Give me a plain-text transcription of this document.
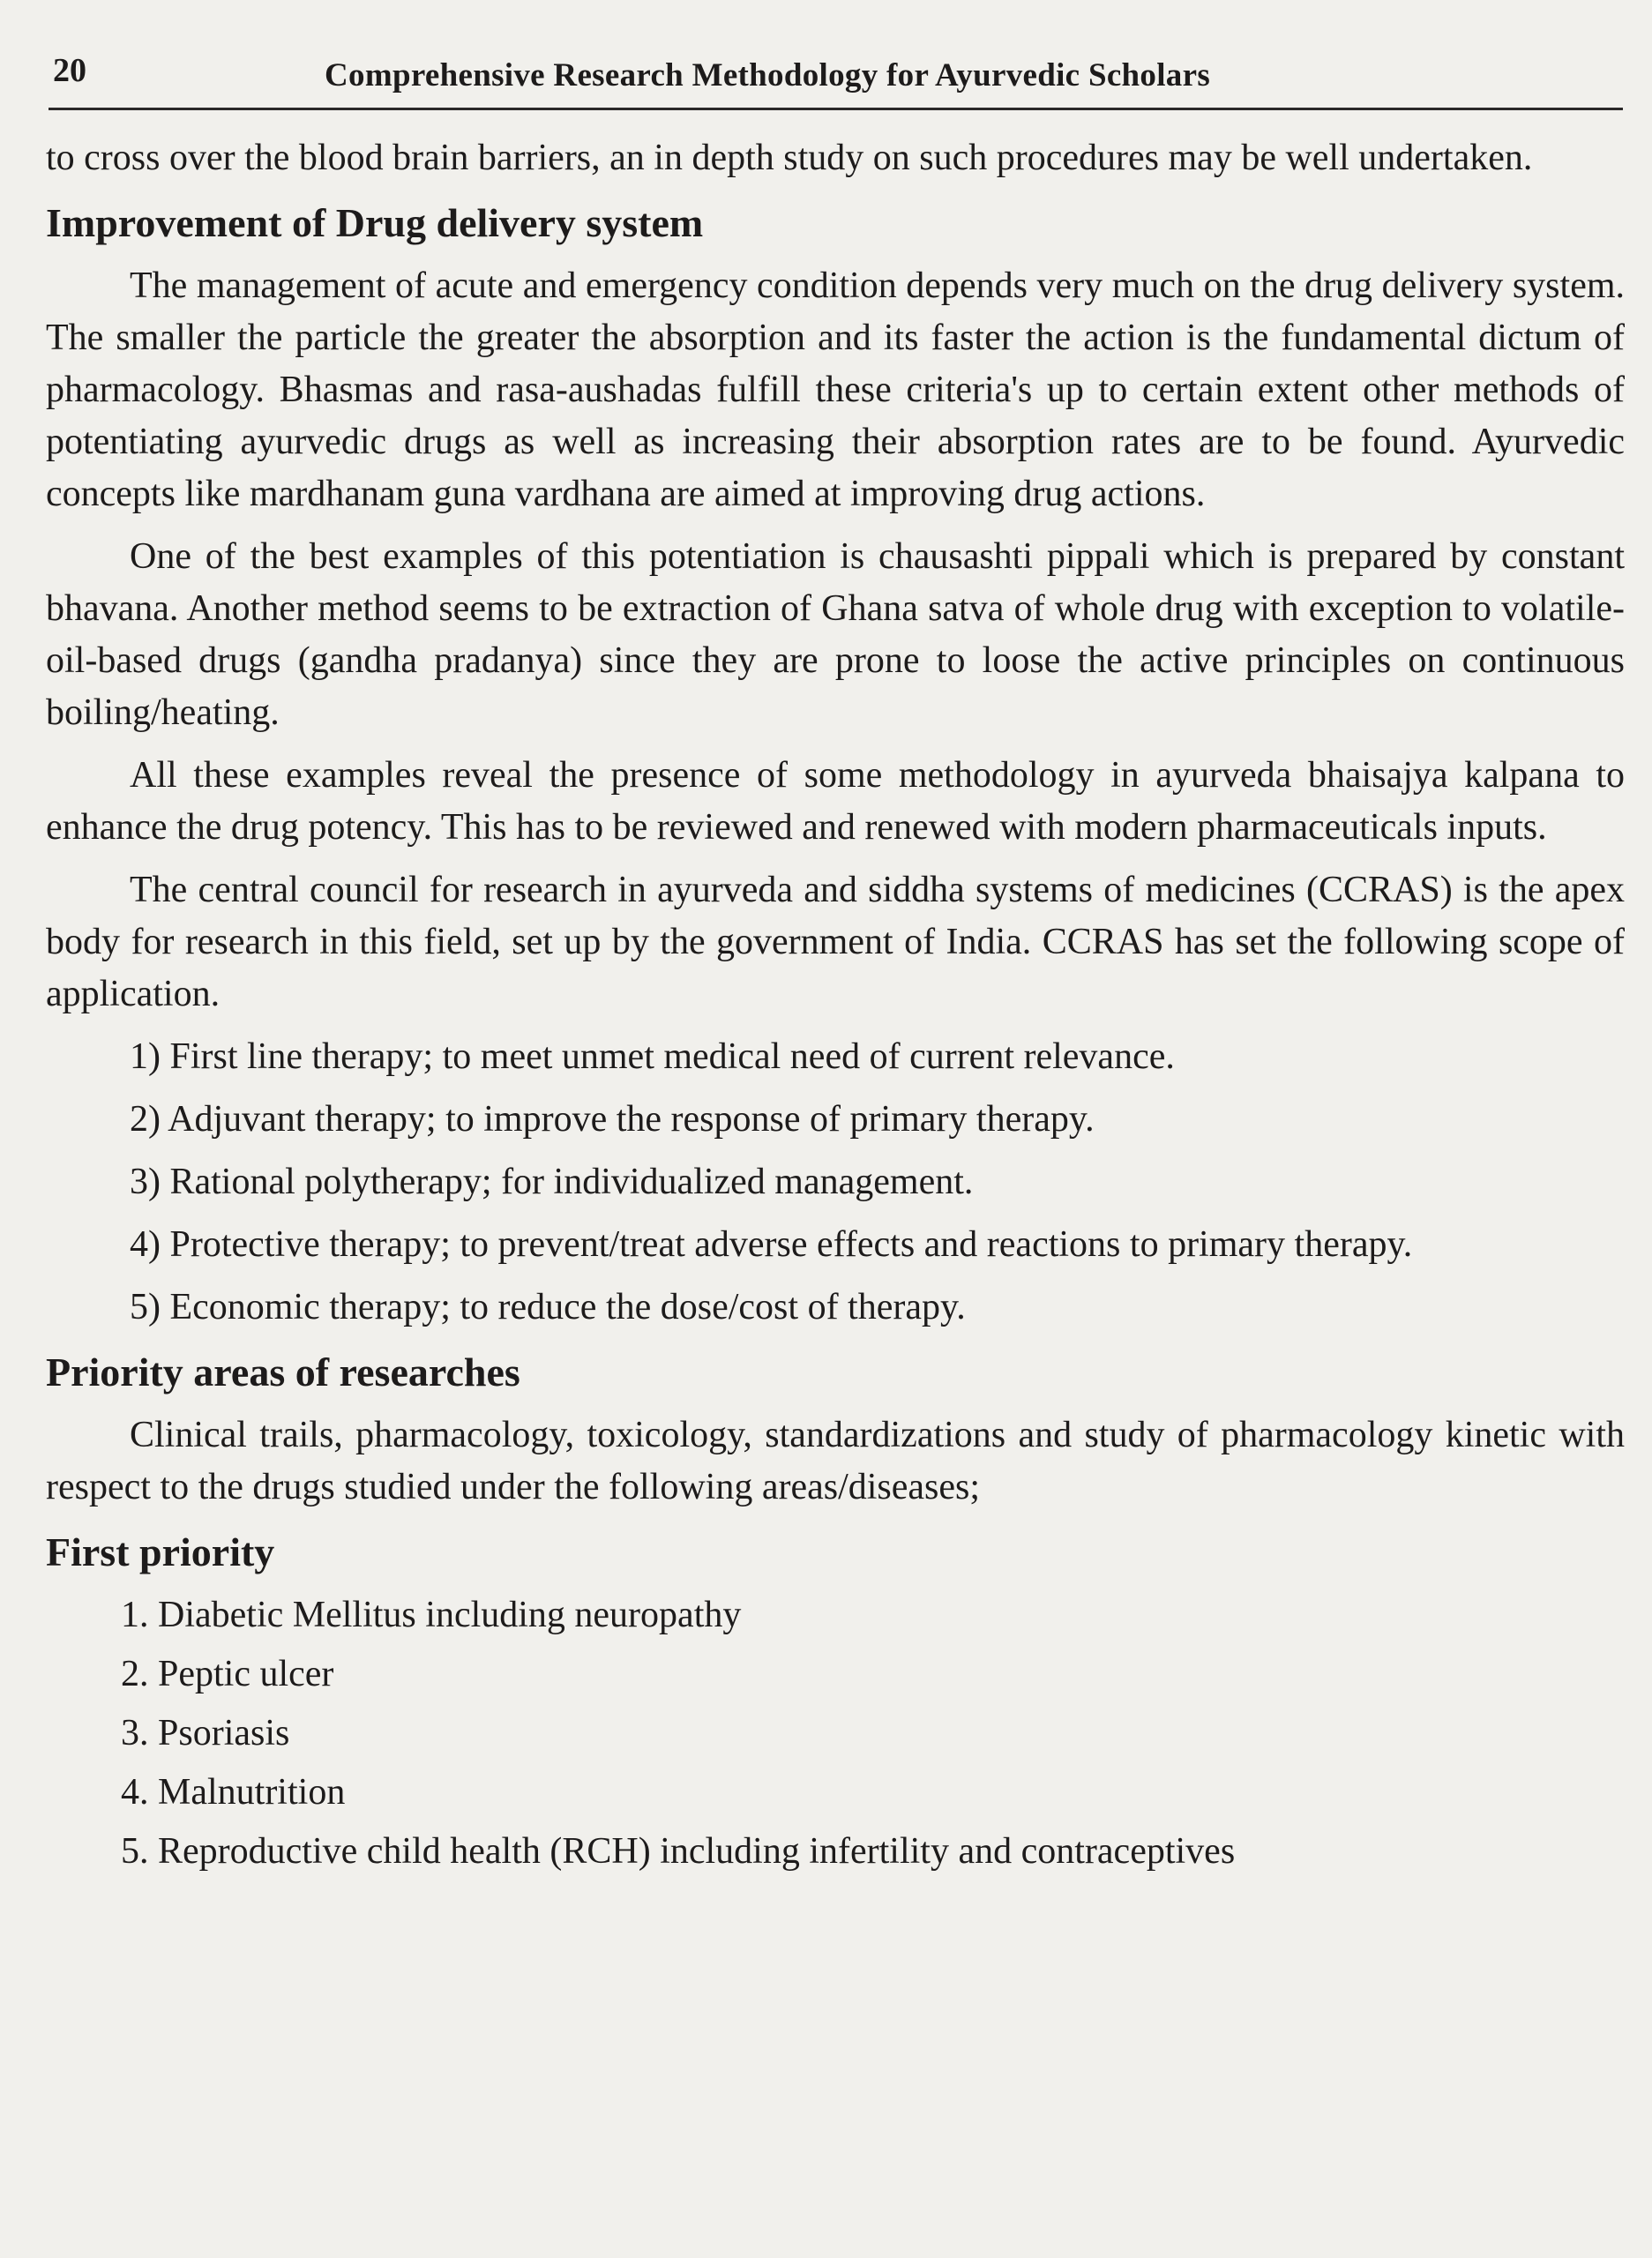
20	Comprehensive Research Methodology for Ayurvedic Scholars

to cross over the blood brain barriers, an in depth study on such procedures may be well undertaken.

Improvement of Drug delivery system

The management of acute and emergency condition depends very much on the drug delivery system. The smaller the particle the greater the absorption and its faster the action is the fundamental dictum of pharmacology. Bhasmas and rasa-aushadas fulfill these criteria's up to certain extent other methods of potentiating ayurvedic drugs as well as increasing their absorption rates are to be found. Ayurvedic concepts like mardhanam guna vardhana are aimed at improving drug actions.

One of the best examples of this potentiation is chausashti pippali which is prepared by constant bhavana. Another method seems to be extraction of Ghana satva of whole drug with exception to volatile-oil-based drugs (gandha pradanya) since they are prone to loose the active principles on continuous boiling/heating.

All these examples reveal the presence of some methodology in ayurveda bhaisajya kalpana to enhance the drug potency. This has to be reviewed and renewed with modern pharmaceuticals inputs.

The central council for research in ayurveda and siddha systems of medicines (CCRAS) is the apex body for research in this field, set up by the government of India. CCRAS has set the following scope of application.

1) First line therapy; to meet unmet medical need of current relevance.
2) Adjuvant therapy; to improve the response of primary therapy.
3) Rational polytherapy; for individualized management.
4) Protective therapy; to prevent/treat adverse effects and reactions to primary therapy.
5) Economic therapy; to reduce the dose/cost of therapy.
Priority areas of researches

Clinical trails, pharmacology, toxicology, standardizations and study of pharmacology kinetic with respect to the drugs studied under the following areas/diseases;

First priority
1. Diabetic Mellitus including neuropathy
2. Peptic ulcer
3. Psoriasis
4. Malnutrition
5. Reproductive child health (RCH) including infertility and contraceptives
